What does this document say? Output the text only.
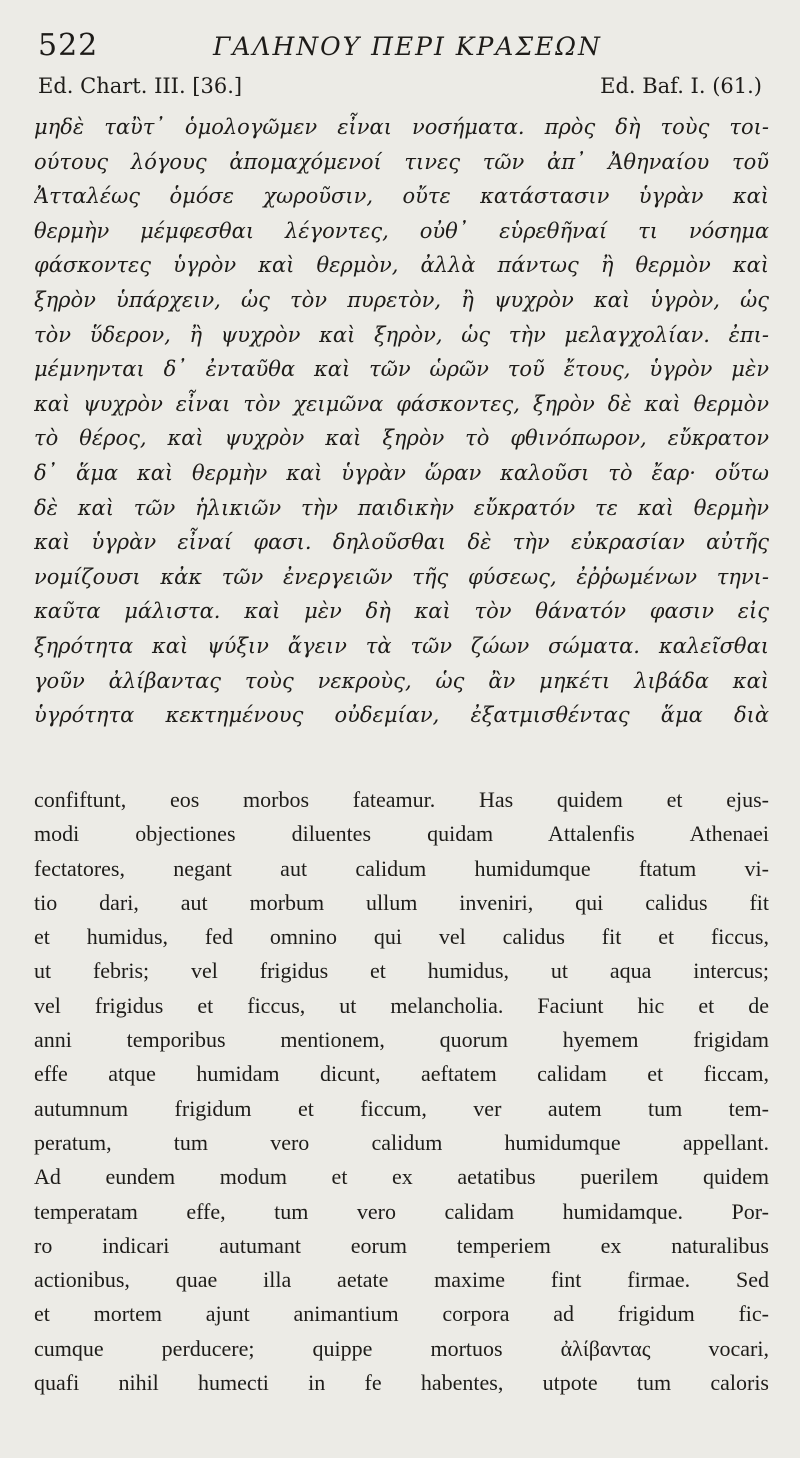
522	ΓΑΛΗΝΟΥ ΠΕΡΙ ΚΡΑΣΕΩΝ
Ed. Chart. III. [36.]	Ed. Baf. I. (61.)
μηδὲ ταὒτ᾽ ὁμολογῶμεν εἶναι νοσήματα. πρὸς δὴ τοὺς τοι-
ούτους λόγους ἀπομαχόμενοί τινες τῶν ἀπ᾽ Ἀθηναίου τοῦ
Ἀτταλέως ὁμόσε χωροῦσιν, οὔτε κατάστασιν ὑγρὰν καὶ
θερμὴν μέμφεσθαι λέγοντες, οὐθ᾽ εὑρεθῆναί τι νόσημα
φάσκοντες ὑγρὸν καὶ θερμὸν, ἀλλὰ πάντως ἢ θερμὸν καὶ
ξηρὸν ὑπάρχειν, ὡς τὸν πυρετὸν, ἢ ψυχρὸν καὶ ὑγρὸν, ὡς
τὸν ὕδερον, ἢ ψυχρὸν καὶ ξηρὸν, ὡς τὴν μελαγχολίαν. ἐπι-
μέμνηνται δ᾽ ἐνταῦθα καὶ τῶν ὡρῶν τοῦ ἔτους, ὑγρὸν μὲν
καὶ ψυχρὸν εἶναι τὸν χειμῶνα φάσκοντες, ξηρὸν δὲ καὶ θερμὸν
τὸ θέρος, καὶ ψυχρὸν καὶ ξηρὸν τὸ φθινόπωρον, εὔκρατον
δ᾽ ἅμα καὶ θερμὴν καὶ ὑγρὰν ὥραν καλοῦσι τὸ ἔαρ· οὕτω
δὲ καὶ τῶν ἡλικιῶν τὴν παιδικὴν εὔκρατόν τε καὶ θερμὴν
καὶ ὑγρὰν εἶναί φασι. δηλοῦσθαι δὲ τὴν εὐκρασίαν αὐτῆς
νομίζουσι κἀκ τῶν ἐνεργειῶν τῆς φύσεως, ἐῤῥωμένων τηνι-
καῦτα μάλιστα. καὶ μὲν δὴ καὶ τὸν θάνατόν φασιν εἰς
ξηρότητα καὶ ψύξιν ἄγειν τὰ τῶν ζώων σώματα. καλεῖσθαι
γοῦν ἀλίβαντας τοὺς νεκροὺς, ὡς ἂν μηκέτι λιβάδα καὶ
ὑγρότητα κεκτημένους οὐδεμίαν, ἐξατμισθέντας ἅμα διὰ
confiftunt, eos morbos fateamur. Has quidem et ejus-
modi objectiones diluentes quidam Attalenfis Athenaei
fectatores, negant aut calidum humidumque ftatum vi-
tio dari, aut morbum ullum inveniri, qui calidus fit
et humidus, fed omnino qui vel calidus fit et ficcus,
ut febris; vel frigidus et humidus, ut aqua intercus;
vel frigidus et ficcus, ut melancholia. Faciunt hic et de
anni temporibus mentionem, quorum hyemem frigidam
effe atque humidam dicunt, aeftatem calidam et ficcam,
autumnum frigidum et ficcum, ver autem tum tem-
peratum, tum vero calidum humidumque appellant.
Ad eundem modum et ex aetatibus puerilem quidem
temperatam effe, tum vero calidam humidamque. Por-
ro indicari autumant eorum temperiem ex naturalibus
actionibus, quae illa aetate maxime fint firmae. Sed
et mortem ajunt animantium corpora ad frigidum fic-
cumque perducere; quippe mortuos ἀλίβαντας vocari,
quafi nihil humecti in fe habentes, utpote tum caloris
